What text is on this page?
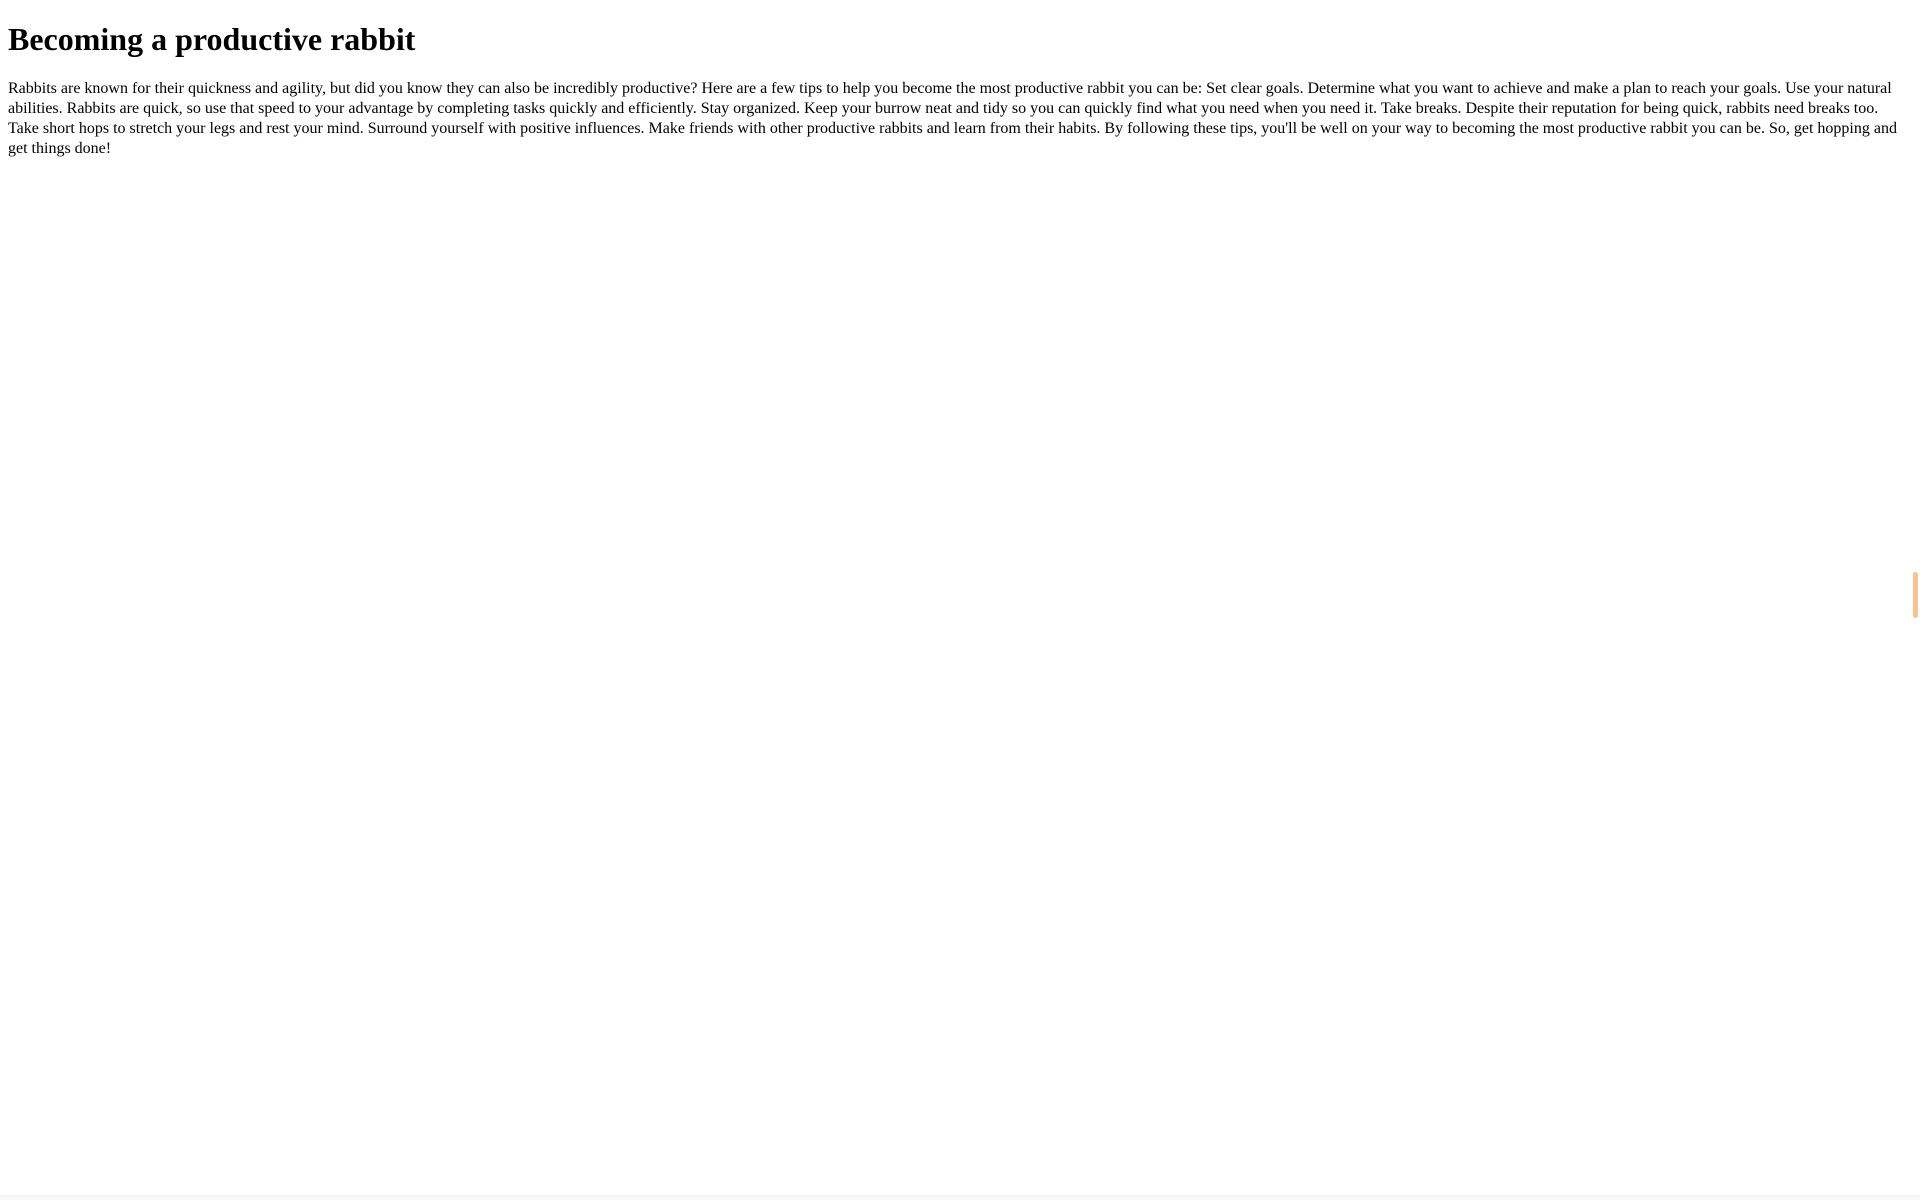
Becoming a productive rabbit

Rabbits are known for their quickness and agility, but did you know they can also be incredibly productive? Here are a few tips to help you become the most productive rabbit you can be: Set clear goals. Determine what you want to achieve and make a plan to reach your goals. Use your natural abilities. Rabbits are quick, so use that speed to your advantage by completing tasks quickly and efficiently. Stay organized. Keep your burrow neat and tidy so you can quickly find what you need when you need it. Take breaks. Despite their reputation for being quick, rabbits need breaks too. Take short hops to stretch your legs and rest your mind. Surround yourself with positive influences. Make friends with other productive rabbits and learn from their habits. By following these tips, you'll be well on your way to becoming the most productive rabbit you can be. So, get hopping and get things done!
